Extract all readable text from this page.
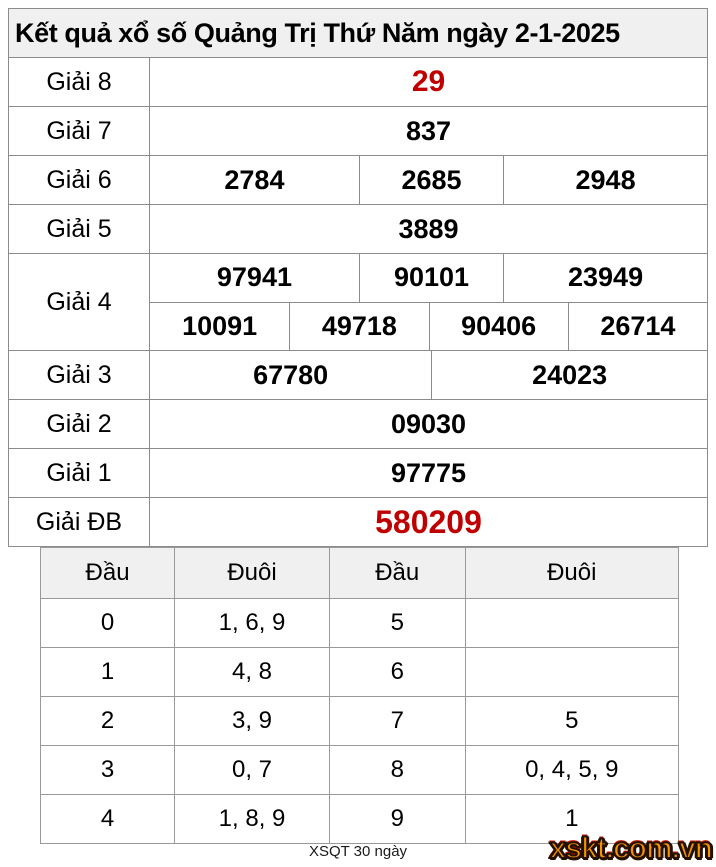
Kết quả xổ số Quảng Trị Thứ Năm ngày 2-1-2025
Giải 8	29
Giải 7	837
Giải 6	2784	2685	2948
Giải 5	3889
Giải 4
97941	90101	23949
10091	49718	90406	26714
Giải 3	67780	24023
Giải 2	09030
Giải 1	97775
Giải ĐB	580209
Đầu	Đuôi	Đầu	Đuôi
0	1, 6, 9	5
1	4, 8	6
2	3, 9	7	5
3	0, 7	8	0, 4, 5, 9
4	1, 8, 9	9	1
XSQT 30 ngày	xskt.com.vn
